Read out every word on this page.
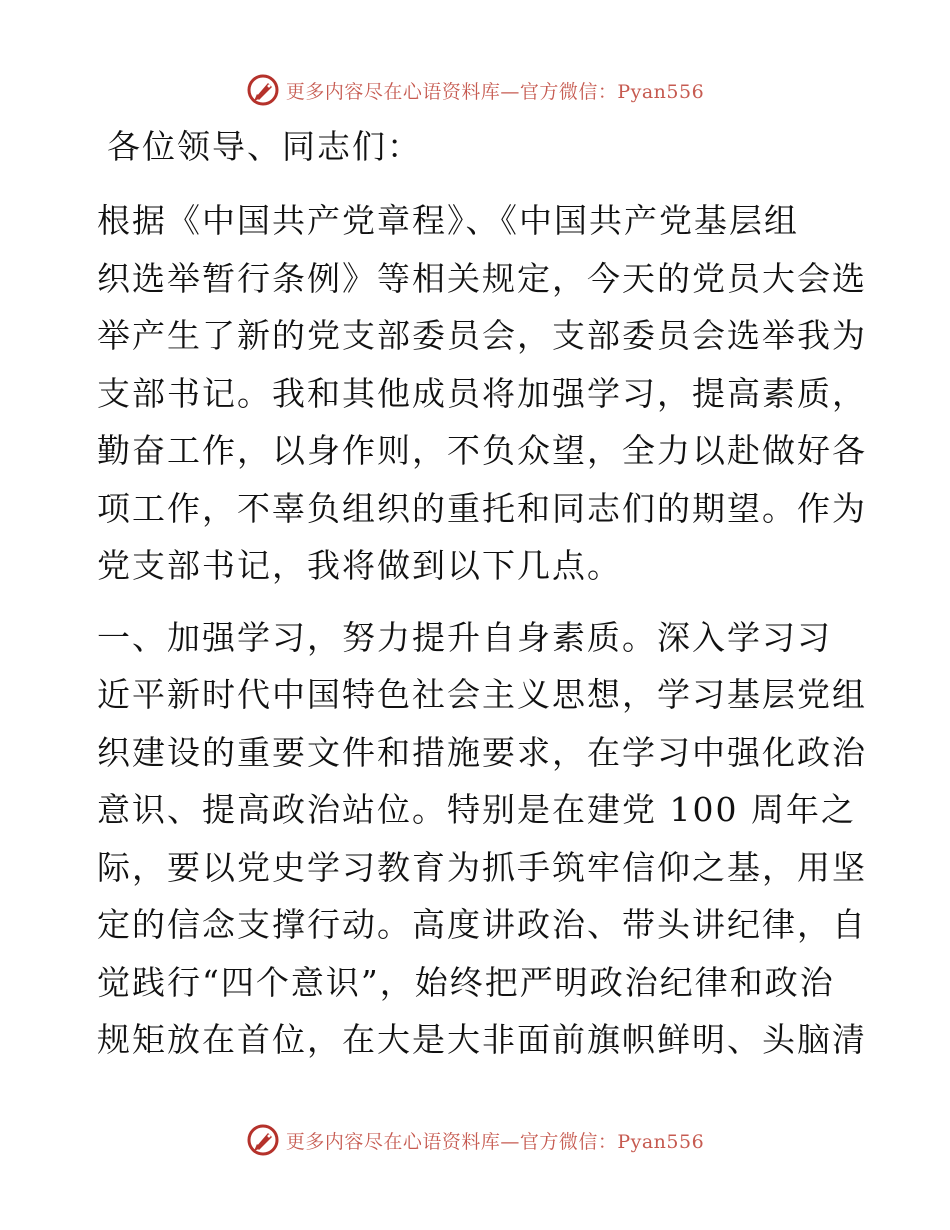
更多内容尽在心语资料库—官方微信：Pyan556

各位领导、同志们：

根据《中国共产党章程》、《中国共产党基层组
织选举暂行条例》等相关规定，今天的党员大会选
举产生了新的党支部委员会，支部委员会选举我为
支部书记。我和其他成员将加强学习，提高素质，
勤奋工作，以身作则，不负众望，全力以赴做好各
项工作，不辜负组织的重托和同志们的期望。作为
党支部书记，我将做到以下几点。
一、加强学习，努力提升自身素质。深入学习习
近平新时代中国特色社会主义思想，学习基层党组
织建设的重要文件和措施要求，在学习中强化政治
意识、提高政治站位。特别是在建党 100 周年之
际，要以党史学习教育为抓手筑牢信仰之基，用坚
定的信念支撑行动。高度讲政治、带头讲纪律，自
觉践行“四个意识”，始终把严明政治纪律和政治
规矩放在首位，在大是大非面前旗帜鲜明、头脑清
更多内容尽在心语资料库—官方微信：Pyan556
